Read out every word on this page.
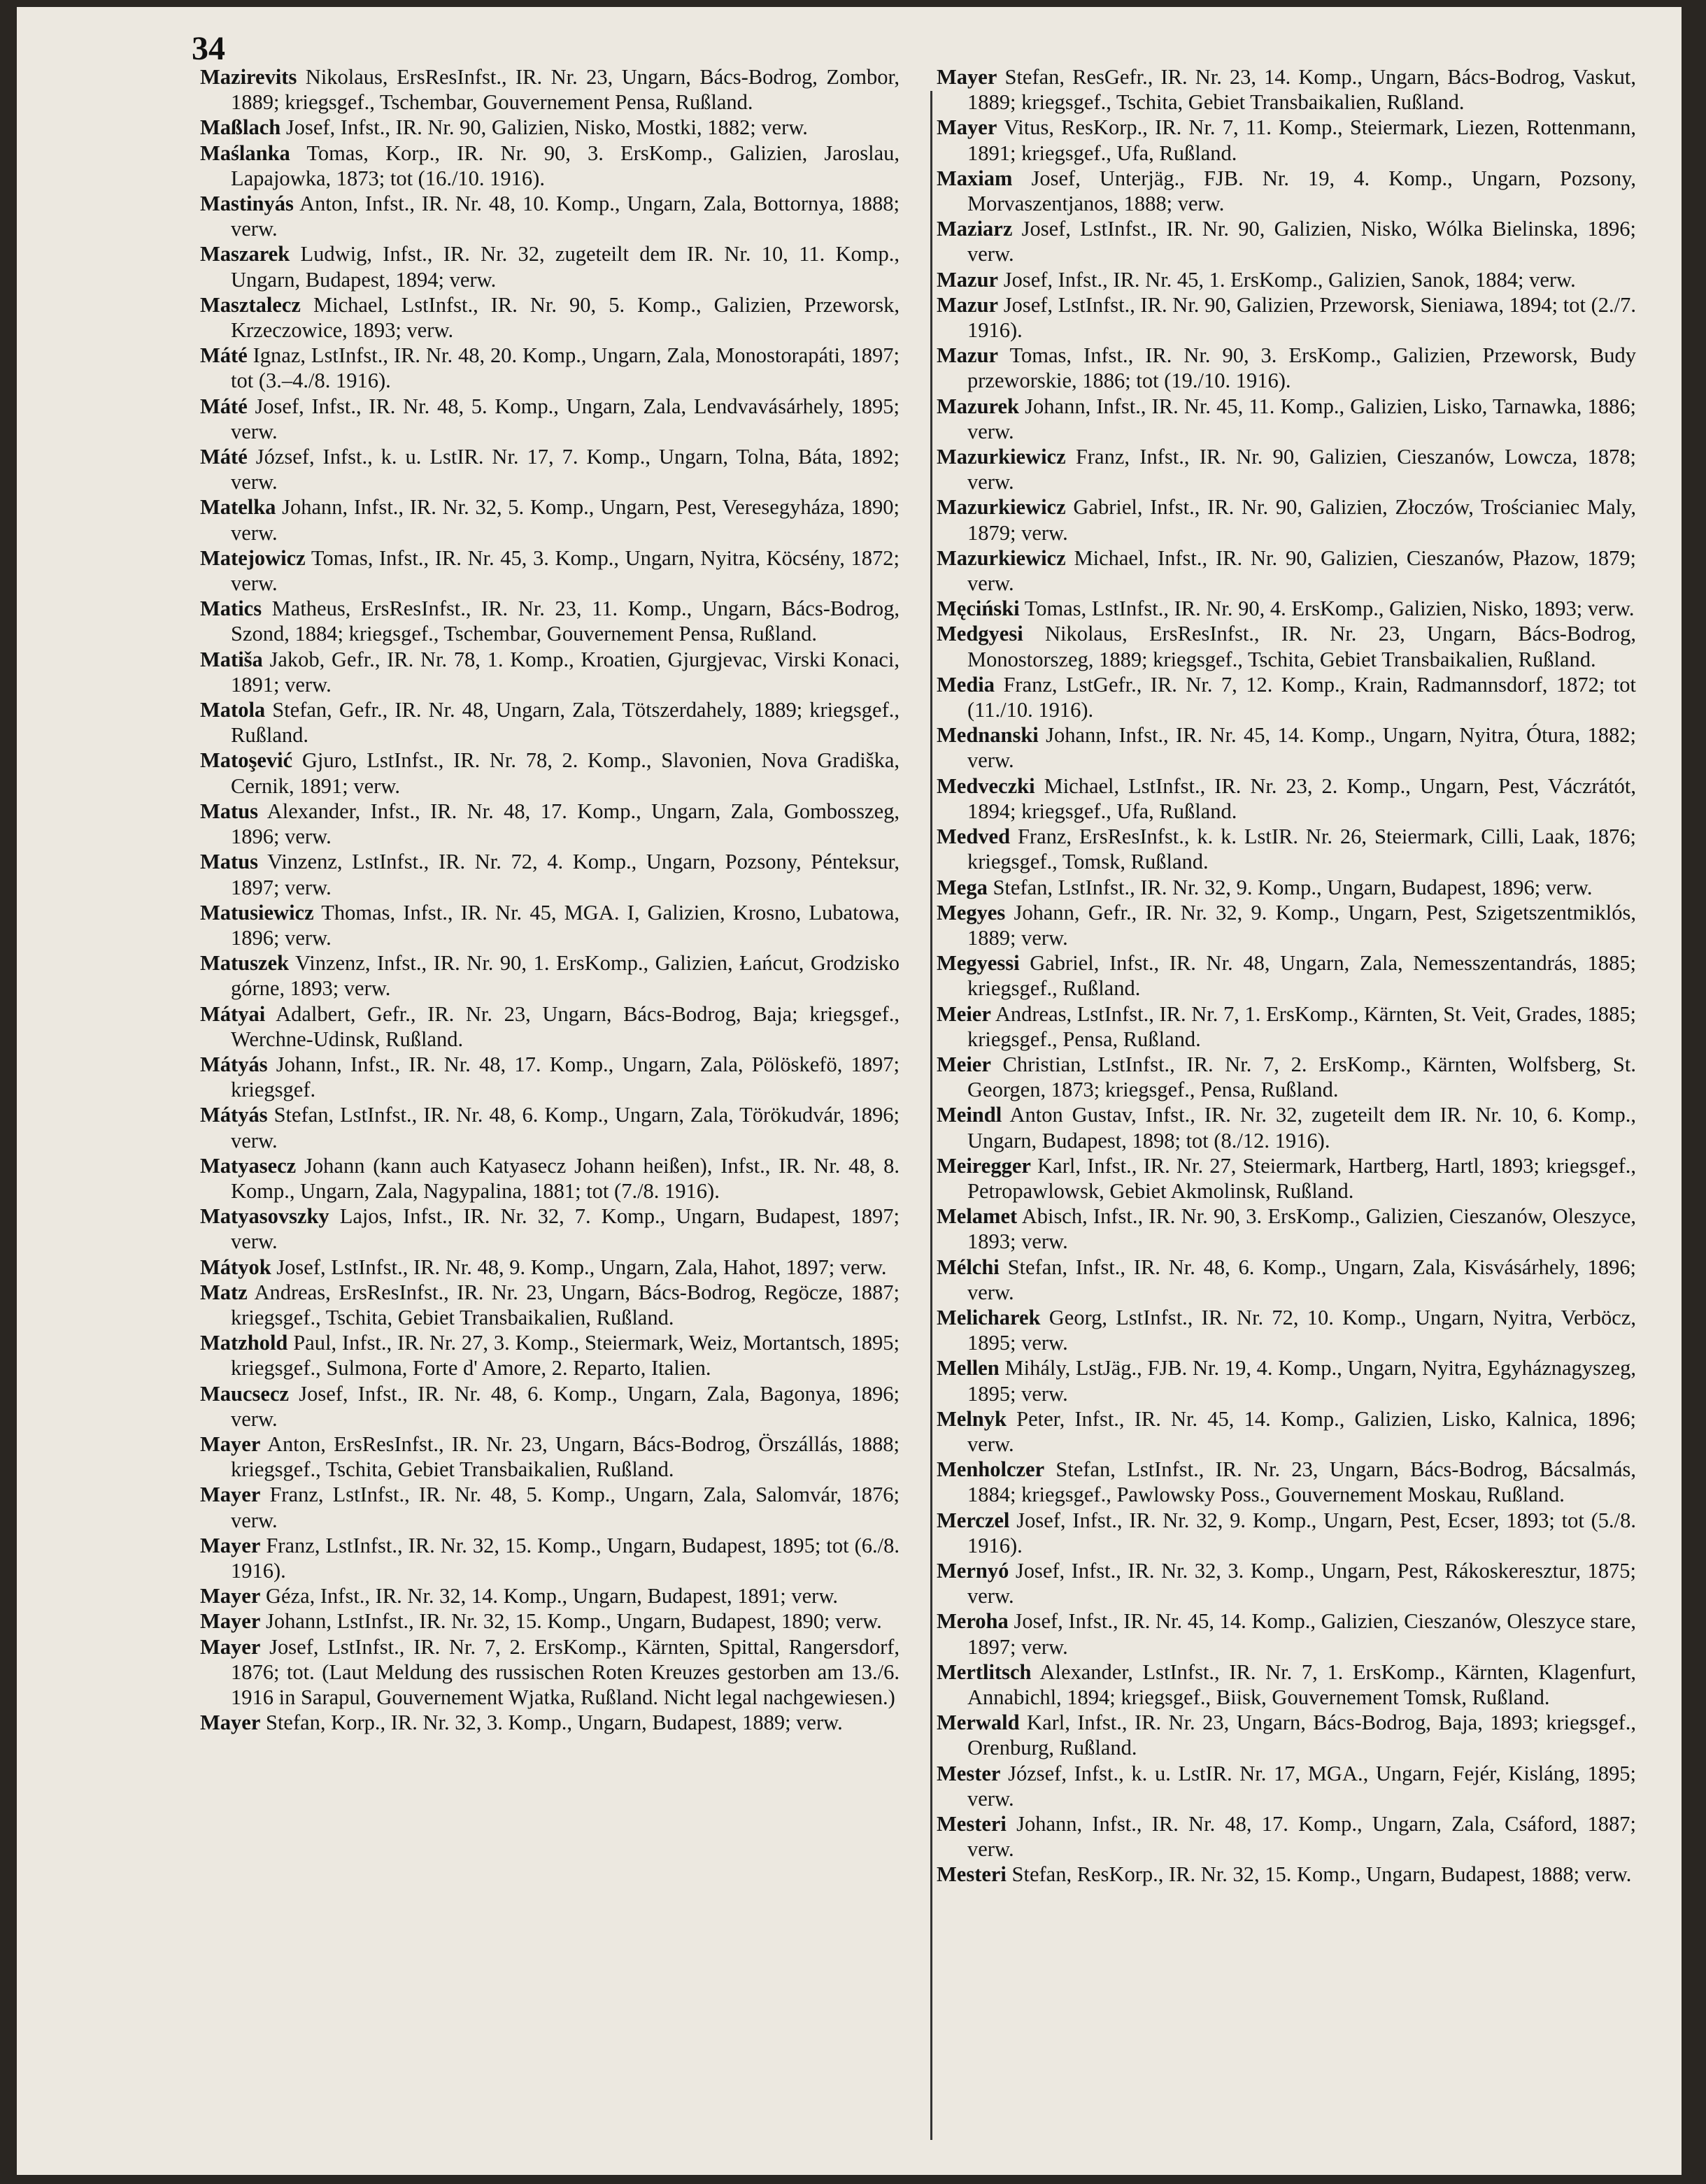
34

Mazirevits Nikolaus, ErsResInfst., IR. Nr. 23, Ungarn, Bács-Bodrog, Zombor, 1889; kriegsgef., Tschembar, Gouvernement Pensa, Rußland.

Maßlach Josef, Infst., IR. Nr. 90, Galizien, Nisko, Mostki, 1882; verw.

Maślanka Tomas, Korp., IR. Nr. 90, 3. ErsKomp., Galizien, Jaroslau, Lapajowka, 1873; tot (16./10. 1916).

Mastinyás Anton, Infst., IR. Nr. 48, 10. Komp., Ungarn, Zala, Bottornya, 1888; verw.

Maszarek Ludwig, Infst., IR. Nr. 32, zugeteilt dem IR. Nr. 10, 11. Komp., Ungarn, Budapest, 1894; verw.

Masztalecz Michael, LstInfst., IR. Nr. 90, 5. Komp., Galizien, Przeworsk, Krzeczowice, 1893; verw.

Máté Ignaz, LstInfst., IR. Nr. 48, 20. Komp., Ungarn, Zala, Monostorapáti, 1897; tot (3.–4./8. 1916).

Máté Josef, Infst., IR. Nr. 48, 5. Komp., Ungarn, Zala, Lendvavásárhely, 1895; verw.

Máté József, Infst., k. u. LstIR. Nr. 17, 7. Komp., Ungarn, Tolna, Báta, 1892; verw.

Matelka Johann, Infst., IR. Nr. 32, 5. Komp., Ungarn, Pest, Veresegyháza, 1890; verw.

Matejowicz Tomas, Infst., IR. Nr. 45, 3. Komp., Ungarn, Nyitra, Köcsény, 1872; verw.

Matics Matheus, ErsResInfst., IR. Nr. 23, 11. Komp., Ungarn, Bács-Bodrog, Szond, 1884; kriegsgef., Tschembar, Gouvernement Pensa, Rußland.

Matiša Jakob, Gefr., IR. Nr. 78, 1. Komp., Kroatien, Gjurgjevac, Virski Konaci, 1891; verw.

Matola Stefan, Gefr., IR. Nr. 48, Ungarn, Zala, Tötszerdahely, 1889; kriegsgef., Rußland.

Matoşević Gjuro, LstInfst., IR. Nr. 78, 2. Komp., Slavonien, Nova Gradiška, Cernik, 1891; verw.

Matus Alexander, Infst., IR. Nr. 48, 17. Komp., Ungarn, Zala, Gombosszeg, 1896; verw.

Matus Vinzenz, LstInfst., IR. Nr. 72, 4. Komp., Ungarn, Pozsony, Pénteksur, 1897; verw.

Matusiewicz Thomas, Infst., IR. Nr. 45, MGA. I, Galizien, Krosno, Lubatowa, 1896; verw.

Matuszek Vinzenz, Infst., IR. Nr. 90, 1. ErsKomp., Galizien, Łańcut, Grodzisko górne, 1893; verw.

Mátyai Adalbert, Gefr., IR. Nr. 23, Ungarn, Bács-Bodrog, Baja; kriegsgef., Werchne-Udinsk, Rußland.

Mátyás Johann, Infst., IR. Nr. 48, 17. Komp., Ungarn, Zala, Pölöskefö, 1897; kriegsgef.

Mátyás Stefan, LstInfst., IR. Nr. 48, 6. Komp., Ungarn, Zala, Törökudvár, 1896; verw.

Matyasecz Johann (kann auch Katyasecz Johann heißen), Infst., IR. Nr. 48, 8. Komp., Ungarn, Zala, Nagypalina, 1881; tot (7./8. 1916).

Matyasovszky Lajos, Infst., IR. Nr. 32, 7. Komp., Ungarn, Budapest, 1897; verw.

Mátyok Josef, LstInfst., IR. Nr. 48, 9. Komp., Ungarn, Zala, Hahot, 1897; verw.

Matz Andreas, ErsResInfst., IR. Nr. 23, Ungarn, Bács-Bodrog, Regöcze, 1887; kriegsgef., Tschita, Gebiet Transbaikalien, Rußland.

Matzhold Paul, Infst., IR. Nr. 27, 3. Komp., Steiermark, Weiz, Mortantsch, 1895; kriegsgef., Sulmona, Forte d' Amore, 2. Reparto, Italien.

Maucsecz Josef, Infst., IR. Nr. 48, 6. Komp., Ungarn, Zala, Bagonya, 1896; verw.

Mayer Anton, ErsResInfst., IR. Nr. 23, Ungarn, Bács-Bodrog, Örszállás, 1888; kriegsgef., Tschita, Gebiet Transbaikalien, Rußland.

Mayer Franz, LstInfst., IR. Nr. 48, 5. Komp., Ungarn, Zala, Salomvár, 1876; verw.

Mayer Franz, LstInfst., IR. Nr. 32, 15. Komp., Ungarn, Budapest, 1895; tot (6./8. 1916).

Mayer Géza, Infst., IR. Nr. 32, 14. Komp., Ungarn, Budapest, 1891; verw.

Mayer Johann, LstInfst., IR. Nr. 32, 15. Komp., Ungarn, Budapest, 1890; verw.

Mayer Josef, LstInfst., IR. Nr. 7, 2. ErsKomp., Kärnten, Spittal, Rangersdorf, 1876; tot. (Laut Meldung des russischen Roten Kreuzes gestorben am 13./6. 1916 in Sarapul, Gouvernement Wjatka, Rußland. Nicht legal nachgewiesen.)

Mayer Stefan, Korp., IR. Nr. 32, 3. Komp., Ungarn, Budapest, 1889; verw.

Mayer Stefan, ResGefr., IR. Nr. 23, 14. Komp., Ungarn, Bács-Bodrog, Vaskut, 1889; kriegsgef., Tschita, Gebiet Transbaikalien, Rußland.

Mayer Vitus, ResKorp., IR. Nr. 7, 11. Komp., Steiermark, Liezen, Rottenmann, 1891; kriegsgef., Ufa, Rußland.

Maxiam Josef, Unterjäg., FJB. Nr. 19, 4. Komp., Ungarn, Pozsony, Morvaszentjanos, 1888; verw.

Maziarz Josef, LstInfst., IR. Nr. 90, Galizien, Nisko, Wólka Bielinska, 1896; verw.

Mazur Josef, Infst., IR. Nr. 45, 1. ErsKomp., Galizien, Sanok, 1884; verw.

Mazur Josef, LstInfst., IR. Nr. 90, Galizien, Przeworsk, Sieniawa, 1894; tot (2./7. 1916).

Mazur Tomas, Infst., IR. Nr. 90, 3. ErsKomp., Galizien, Przeworsk, Budy przeworskie, 1886; tot (19./10. 1916).

Mazurek Johann, Infst., IR. Nr. 45, 11. Komp., Galizien, Lisko, Tarnawka, 1886; verw.

Mazurkiewicz Franz, Infst., IR. Nr. 90, Galizien, Cieszanów, Lowcza, 1878; verw.

Mazurkiewicz Gabriel, Infst., IR. Nr. 90, Galizien, Złoczów, Trościaniec Maly, 1879; verw.

Mazurkiewicz Michael, Infst., IR. Nr. 90, Galizien, Cieszanów, Płazow, 1879; verw.

Męciński Tomas, LstInfst., IR. Nr. 90, 4. ErsKomp., Galizien, Nisko, 1893; verw.

Medgyesi Nikolaus, ErsResInfst., IR. Nr. 23, Ungarn, Bács-Bodrog, Monostorszeg, 1889; kriegsgef., Tschita, Gebiet Transbaikalien, Rußland.

Media Franz, LstGefr., IR. Nr. 7, 12. Komp., Krain, Radmannsdorf, 1872; tot (11./10. 1916).

Mednanski Johann, Infst., IR. Nr. 45, 14. Komp., Ungarn, Nyitra, Ótura, 1882; verw.

Medveczki Michael, LstInfst., IR. Nr. 23, 2. Komp., Ungarn, Pest, Váczrátót, 1894; kriegsgef., Ufa, Rußland.

Medved Franz, ErsResInfst., k. k. LstIR. Nr. 26, Steiermark, Cilli, Laak, 1876; kriegsgef., Tomsk, Rußland.

Mega Stefan, LstInfst., IR. Nr. 32, 9. Komp., Ungarn, Budapest, 1896; verw.

Megyes Johann, Gefr., IR. Nr. 32, 9. Komp., Ungarn, Pest, Szigetszentmiklós, 1889; verw.

Megyessi Gabriel, Infst., IR. Nr. 48, Ungarn, Zala, Nemesszentandrás, 1885; kriegsgef., Rußland.

Meier Andreas, LstInfst., IR. Nr. 7, 1. ErsKomp., Kärnten, St. Veit, Grades, 1885; kriegsgef., Pensa, Rußland.

Meier Christian, LstInfst., IR. Nr. 7, 2. ErsKomp., Kärnten, Wolfsberg, St. Georgen, 1873; kriegsgef., Pensa, Rußland.

Meindl Anton Gustav, Infst., IR. Nr. 32, zugeteilt dem IR. Nr. 10, 6. Komp., Ungarn, Budapest, 1898; tot (8./12. 1916).

Meiregger Karl, Infst., IR. Nr. 27, Steiermark, Hartberg, Hartl, 1893; kriegsgef., Petropawlowsk, Gebiet Akmolinsk, Rußland.

Melamet Abisch, Infst., IR. Nr. 90, 3. ErsKomp., Galizien, Cieszanów, Oleszyce, 1893; verw.

Mélchi Stefan, Infst., IR. Nr. 48, 6. Komp., Ungarn, Zala, Kisvásárhely, 1896; verw.

Melicharek Georg, LstInfst., IR. Nr. 72, 10. Komp., Ungarn, Nyitra, Verböcz, 1895; verw.

Mellen Mihály, LstJäg., FJB. Nr. 19, 4. Komp., Ungarn, Nyitra, Egyháznagyszeg, 1895; verw.

Melnyk Peter, Infst., IR. Nr. 45, 14. Komp., Galizien, Lisko, Kalnica, 1896; verw.

Menholczer Stefan, LstInfst., IR. Nr. 23, Ungarn, Bács-Bodrog, Bácsalmás, 1884; kriegsgef., Pawlowsky Poss., Gouvernement Moskau, Rußland.

Merczel Josef, Infst., IR. Nr. 32, 9. Komp., Ungarn, Pest, Ecser, 1893; tot (5./8. 1916).

Mernyó Josef, Infst., IR. Nr. 32, 3. Komp., Ungarn, Pest, Rákoskeresztur, 1875; verw.

Meroha Josef, Infst., IR. Nr. 45, 14. Komp., Galizien, Cieszanów, Oleszyce stare, 1897; verw.

Mertlitsch Alexander, LstInfst., IR. Nr. 7, 1. ErsKomp., Kärnten, Klagenfurt, Annabichl, 1894; kriegsgef., Biisk, Gouvernement Tomsk, Rußland.

Merwald Karl, Infst., IR. Nr. 23, Ungarn, Bács-Bodrog, Baja, 1893; kriegsgef., Orenburg, Rußland.

Mester József, Infst., k. u. LstIR. Nr. 17, MGA., Ungarn, Fejér, Kisláng, 1895; verw.

Mesteri Johann, Infst., IR. Nr. 48, 17. Komp., Ungarn, Zala, Csáford, 1887; verw.

Mesteri Stefan, ResKorp., IR. Nr. 32, 15. Komp., Ungarn, Budapest, 1888; verw.
